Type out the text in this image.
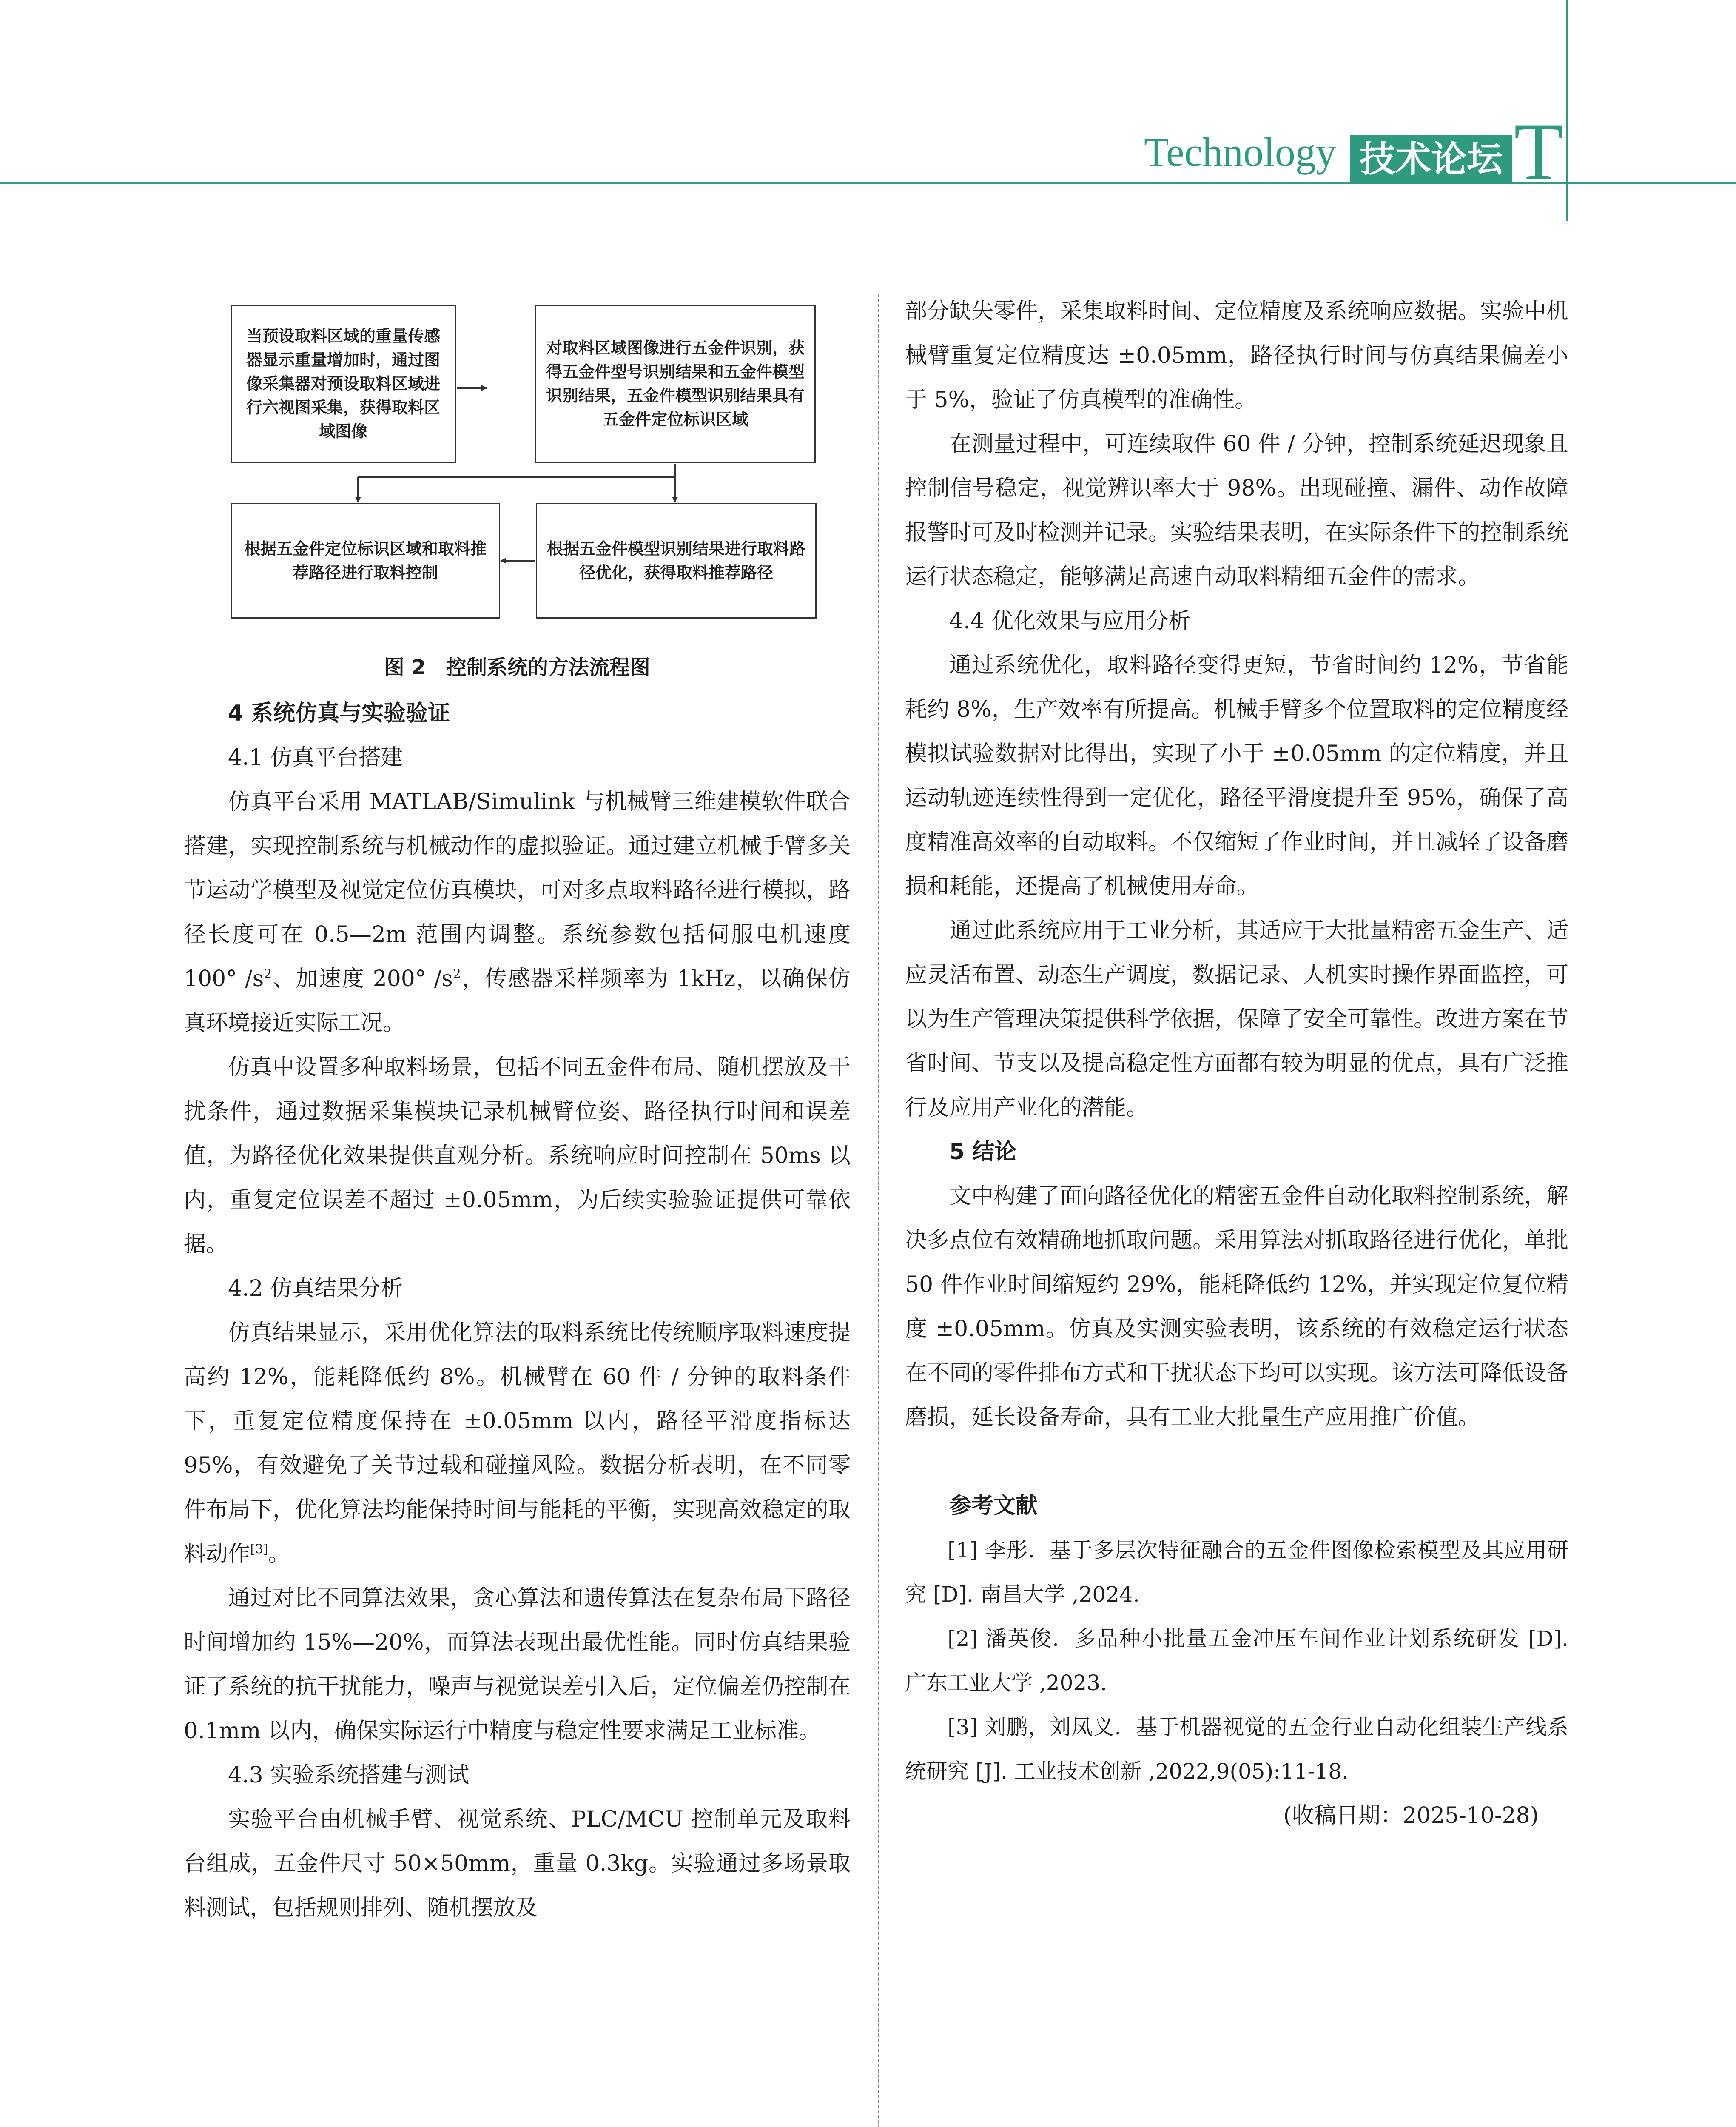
Technology 技术论坛 T
当预设取料区域的重量传感器显示重量增加时，通过图像采集器对预设取料区域进行六视图采集，获得取料区域图像
对取料区域图像进行五金件识别，获得五金件型号识别结果和五金件模型识别结果，五金件模型识别结果具有五金件定位标识区域
根据五金件定位标识区域和取料推荐路径进行取料控制
根据五金件模型识别结果进行取料路径优化，获得取料推荐路径
图 2　控制系统的方法流程图

4 系统仿真与实验验证

4.1 仿真平台搭建

仿真平台采用 MATLAB/Simulink 与机械臂三维建模软件联合搭建，实现控制系统与机械动作的虚拟验证。通过建立机械手臂多关节运动学模型及视觉定位仿真模块，可对多点取料路径进行模拟，路径长度可在 0.5—2m 范围内调整。系统参数包括伺服电机速度 100° $/s^2$、加速度 200° $/s^2$，传感器采样频率为 1kHz，以确保仿真环境接近实际工况。

仿真中设置多种取料场景，包括不同五金件布局、随机摆放及干扰条件，通过数据采集模块记录机械臂位姿、路径执行时间和误差值，为路径优化效果提供直观分析。系统响应时间控制在 50ms 以内，重复定位误差不超过 ±0.05mm，为后续实验验证提供可靠依据。

4.2 仿真结果分析

仿真结果显示，采用优化算法的取料系统比传统顺序取料速度提高约 12%，能耗降低约 8%。机械臂在 60 件 / 分钟的取料条件下，重复定位精度保持在 ±0.05mm 以内，路径平滑度指标达 95%，有效避免了关节过载和碰撞风险。数据分析表明，在不同零件布局下，优化算法均能保持时间与能耗的平衡，实现高效稳定的取料动作[3]。

通过对比不同算法效果，贪心算法和遗传算法在复杂布局下路径时间增加约 15%—20%，而算法表现出最优性能。同时仿真结果验证了系统的抗干扰能力，噪声与视觉误差引入后，定位偏差仍控制在 0.1mm 以内，确保实际运行中精度与稳定性要求满足工业标准。

4.3 实验系统搭建与测试

实验平台由机械手臂、视觉系统、PLC/MCU 控制单元及取料台组成，五金件尺寸 50×50mm，重量 0.3kg。实验通过多场景取料测试，包括规则排列、随机摆放及

部分缺失零件，采集取料时间、定位精度及系统响应数据。实验中机械臂重复定位精度达 ±0.05mm，路径执行时间与仿真结果偏差小于 5%，验证了仿真模型的准确性。

在测量过程中，可连续取件 60 件 / 分钟，控制系统延迟现象且控制信号稳定，视觉辨识率大于 98%。出现碰撞、漏件、动作故障报警时可及时检测并记录。实验结果表明，在实际条件下的控制系统运行状态稳定，能够满足高速自动取料精细五金件的需求。

4.4 优化效果与应用分析

通过系统优化，取料路径变得更短，节省时间约 12%，节省能耗约 8%，生产效率有所提高。机械手臂多个位置取料的定位精度经模拟试验数据对比得出，实现了小于 ±0.05mm 的定位精度，并且运动轨迹连续性得到一定优化，路径平滑度提升至 95%，确保了高度精准高效率的自动取料。不仅缩短了作业时间，并且减轻了设备磨损和耗能，还提高了机械使用寿命。

通过此系统应用于工业分析，其适应于大批量精密五金生产、适应灵活布置、动态生产调度，数据记录、人机实时操作界面监控，可以为生产管理决策提供科学依据，保障了安全可靠性。改进方案在节省时间、节支以及提高稳定性方面都有较为明显的优点，具有广泛推行及应用产业化的潜能。

5 结论

文中构建了面向路径优化的精密五金件自动化取料控制系统，解决多点位有效精确地抓取问题。采用算法对抓取路径进行优化，单批 50 件作业时间缩短约 29%，能耗降低约 12%，并实现定位复位精度 ±0.05mm。仿真及实测实验表明，该系统的有效稳定运行状态在不同的零件排布方式和干扰状态下均可以实现。该方法可降低设备磨损，延长设备寿命，具有工业大批量生产应用推广价值。

参考文献

[1] 李彤．基于多层次特征融合的五金件图像检索模型及其应用研究 [D]. 南昌大学 ,2024.

[2] 潘英俊．多品种小批量五金冲压车间作业计划系统研发 [D]. 广东工业大学 ,2023.

[3] 刘鹏，刘凤义．基于机器视觉的五金行业自动化组装生产线系统研究 [J]. 工业技术创新 ,2022,9(05):11-18.

(收稿日期：2025-10-28)
